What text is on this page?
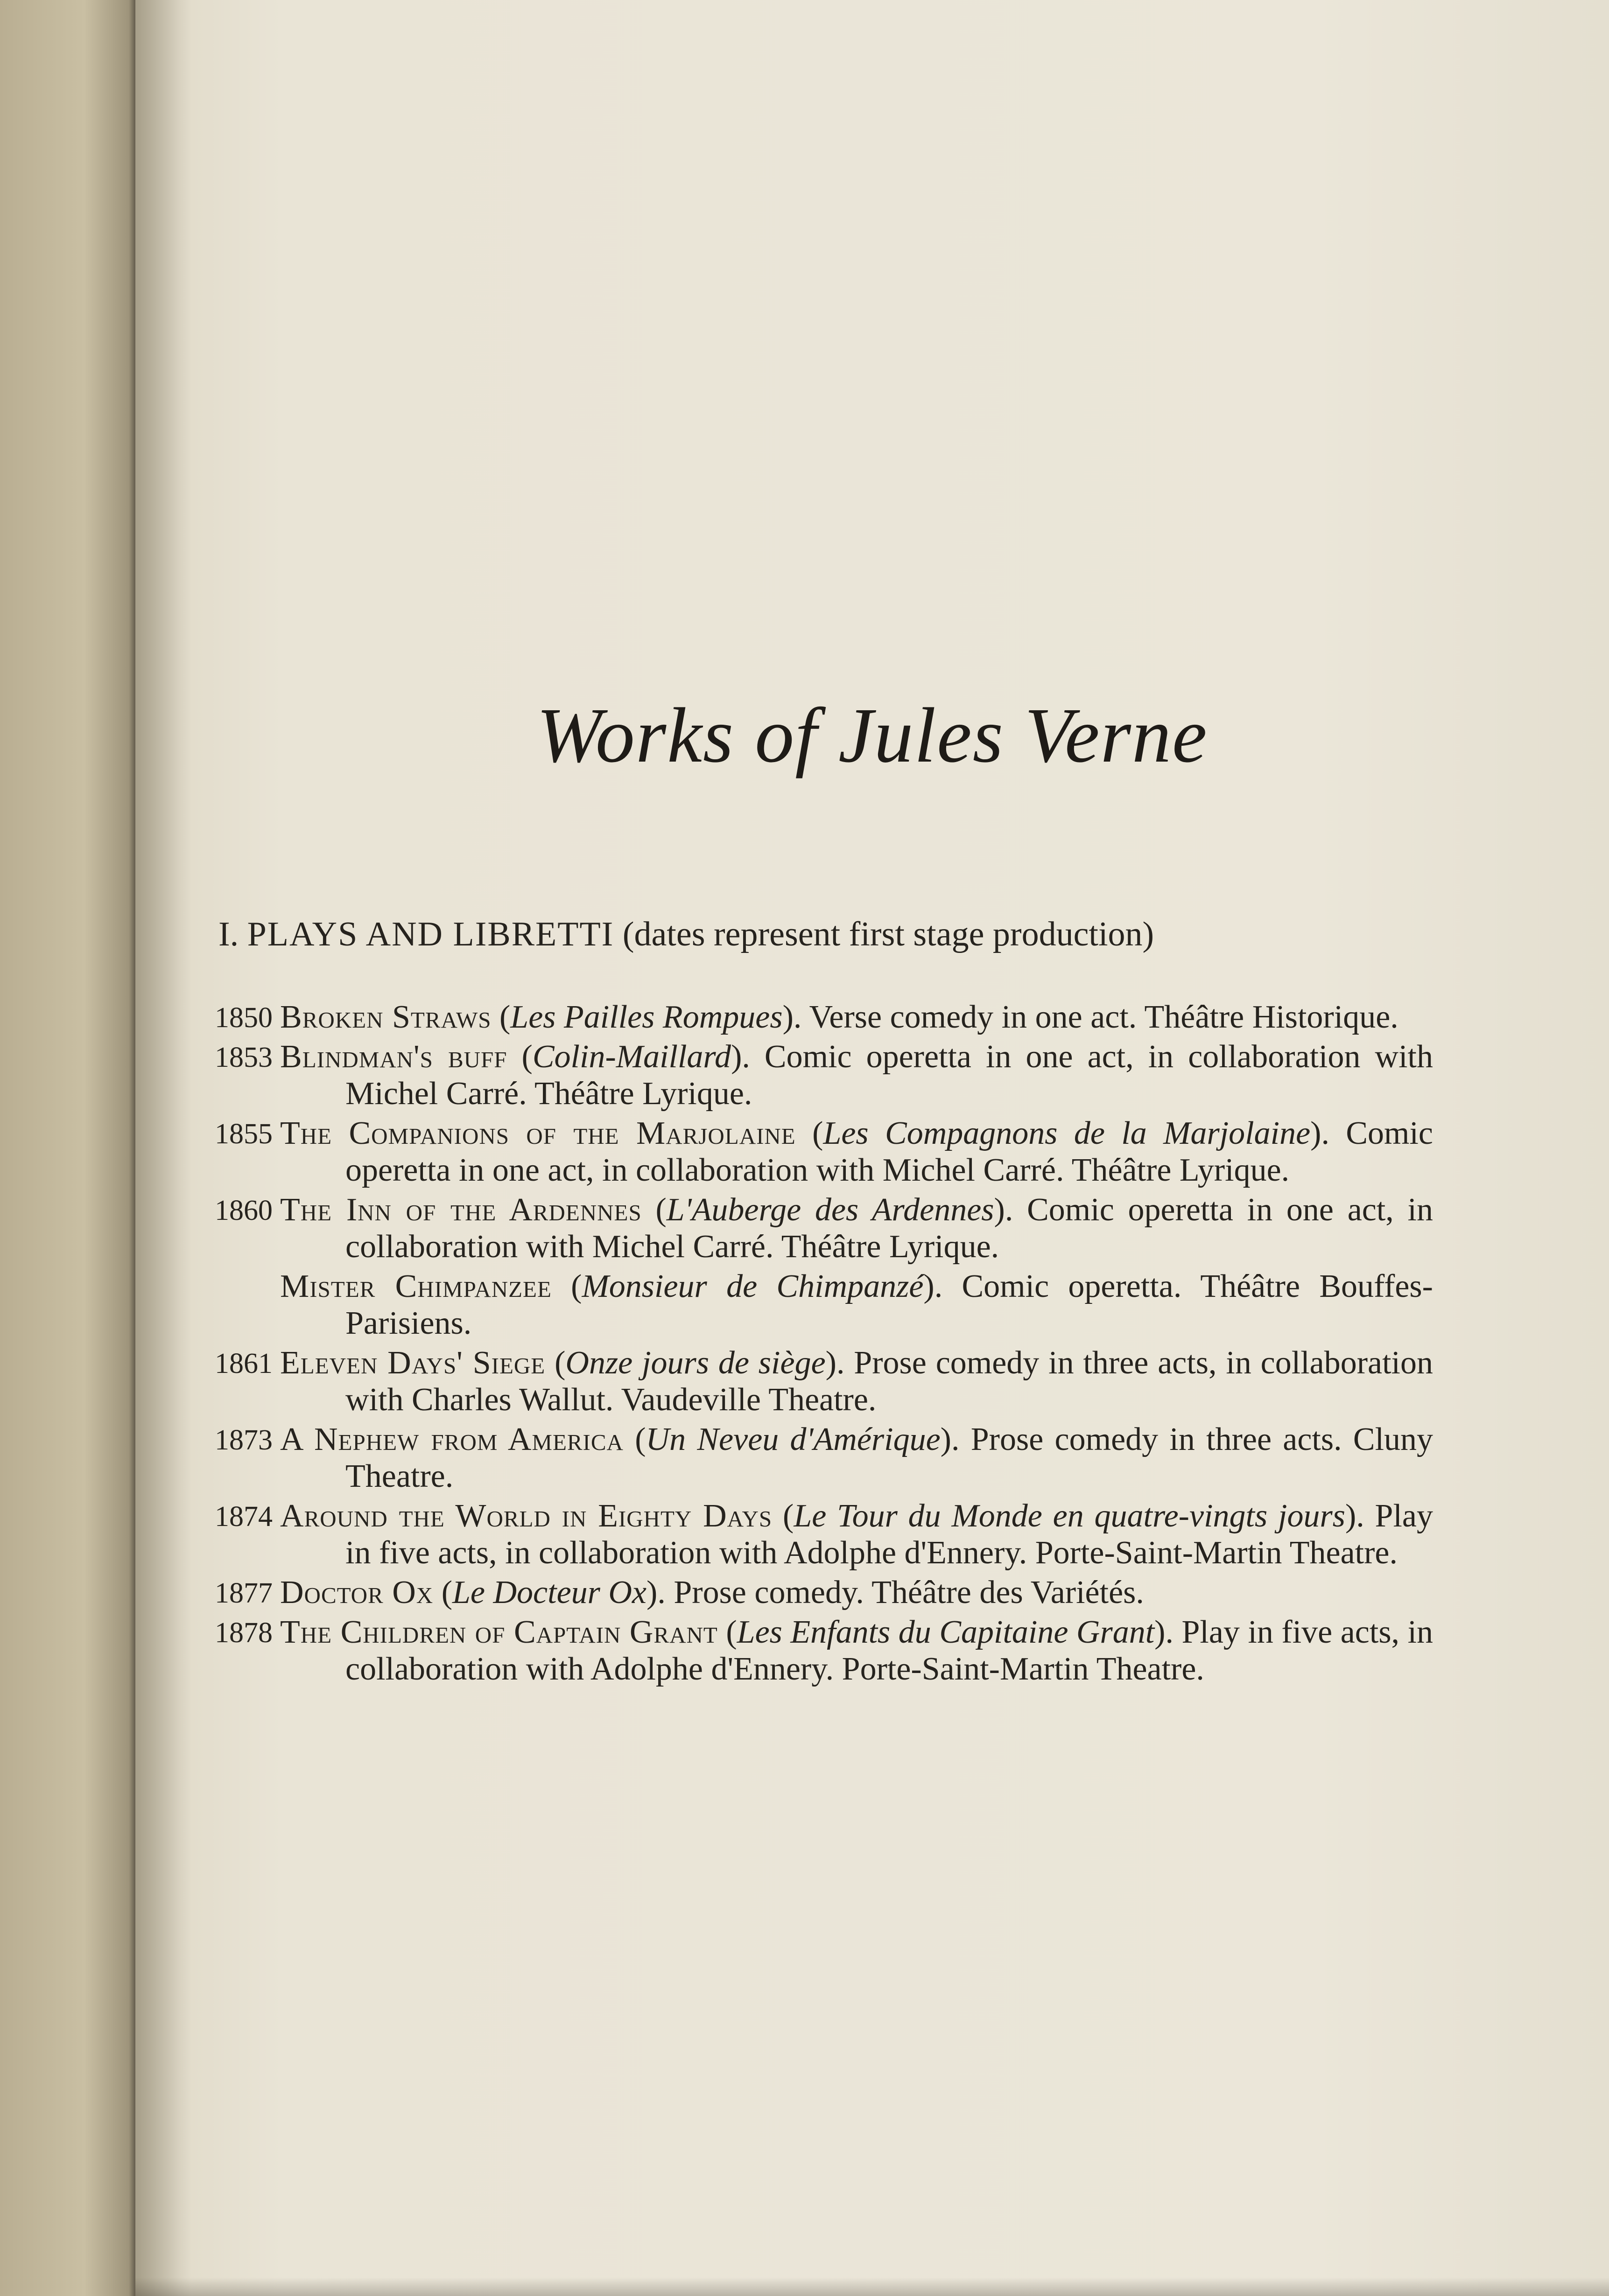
Works of Jules Verne
I. PLAYS AND LIBRETTI (dates represent first stage production)
1850 Broken Straws (Les Pailles Rompues). Verse comedy in one act. Théâtre Historique.
1853 Blindman's buff (Colin-Maillard). Comic operetta in one act, in collaboration with Michel Carré. Théâtre Lyrique.
1855 The Companions of the Marjolaine (Les Compagnons de la Marjolaine). Comic operetta in one act, in collaboration with Michel Carré. Théâtre Lyrique.
1860 The Inn of the Ardennes (L'Auberge des Ardennes). Comic operetta in one act, in collaboration with Michel Carré. Théâtre Lyrique.
Mister Chimpanzee (Monsieur de Chimpanzé). Comic operetta. Théâtre Bouffes-Parisiens.
1861 Eleven Days' Siege (Onze jours de siège). Prose comedy in three acts, in collaboration with Charles Wallut. Vaudeville Theatre.
1873 A Nephew from America (Un Neveu d'Amérique). Prose comedy in three acts. Cluny Theatre.
1874 Around the World in Eighty Days (Le Tour du Monde en quatre-vingts jours). Play in five acts, in collaboration with Adolphe d'Ennery. Porte-Saint-Martin Theatre.
1877 Doctor Ox (Le Docteur Ox). Prose comedy. Théâtre des Variétés.
1878 The Children of Captain Grant (Les Enfants du Capitaine Grant). Play in five acts, in collaboration with Adolphe d'Ennery. Porte-Saint-Martin Theatre.
